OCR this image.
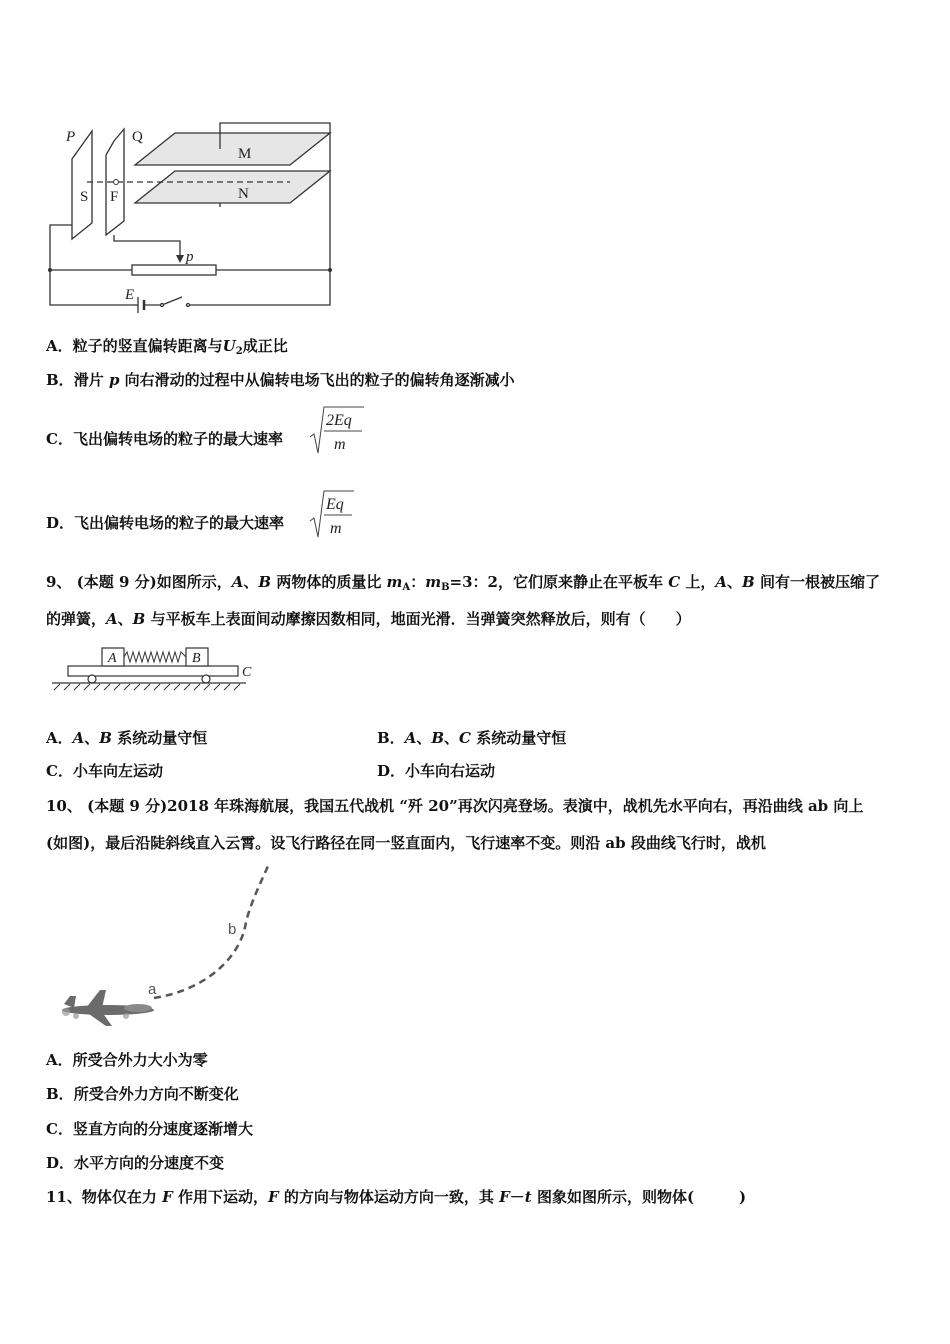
P	Q
M
N
S F
p
E
A．粒子的竖直偏转距离与$U_2$成正比
B．滑片 p 向右滑动的过程中从偏转电场飞出的粒子的偏转角逐渐减小
C．飞出偏转电场的粒子的最大速率
2Eq
m
D．飞出偏转电场的粒子的最大速率
Eq
m
9、 (本题 9 分)如图所示，A、B 两物体的质量比 $m_A$：$m_B=3$：2，它们原来静止在平板车 C 上，A、B 间有一根被压缩了
的弹簧，A、B 与平板车上表面间动摩擦因数相同，地面光滑．当弹簧突然释放后，则有（　　）
A	B
C
A．A、B 系统动量守恒	B．A、B、C 系统动量守恒
C．小车向左运动	D．小车向右运动
10、 (本题 9 分)2018 年珠海航展，我国五代战机 “歼 20”再次闪亮登场。表演中，战机先水平向右，再沿曲线 ab 向上
(如图)，最后沿陡斜线直入云霄。设飞行路径在同一竖直面内，飞行速率不变。则沿 ab 段曲线飞行时，战机
a
b
A．所受合外力大小为零
B．所受合外力方向不断变化
C．竖直方向的分速度逐渐增大
D．水平方向的分速度不变
11、物体仅在力 F 作用下运动，F 的方向与物体运动方向一致，其 F－t 图象如图所示，则物体(　　　)
